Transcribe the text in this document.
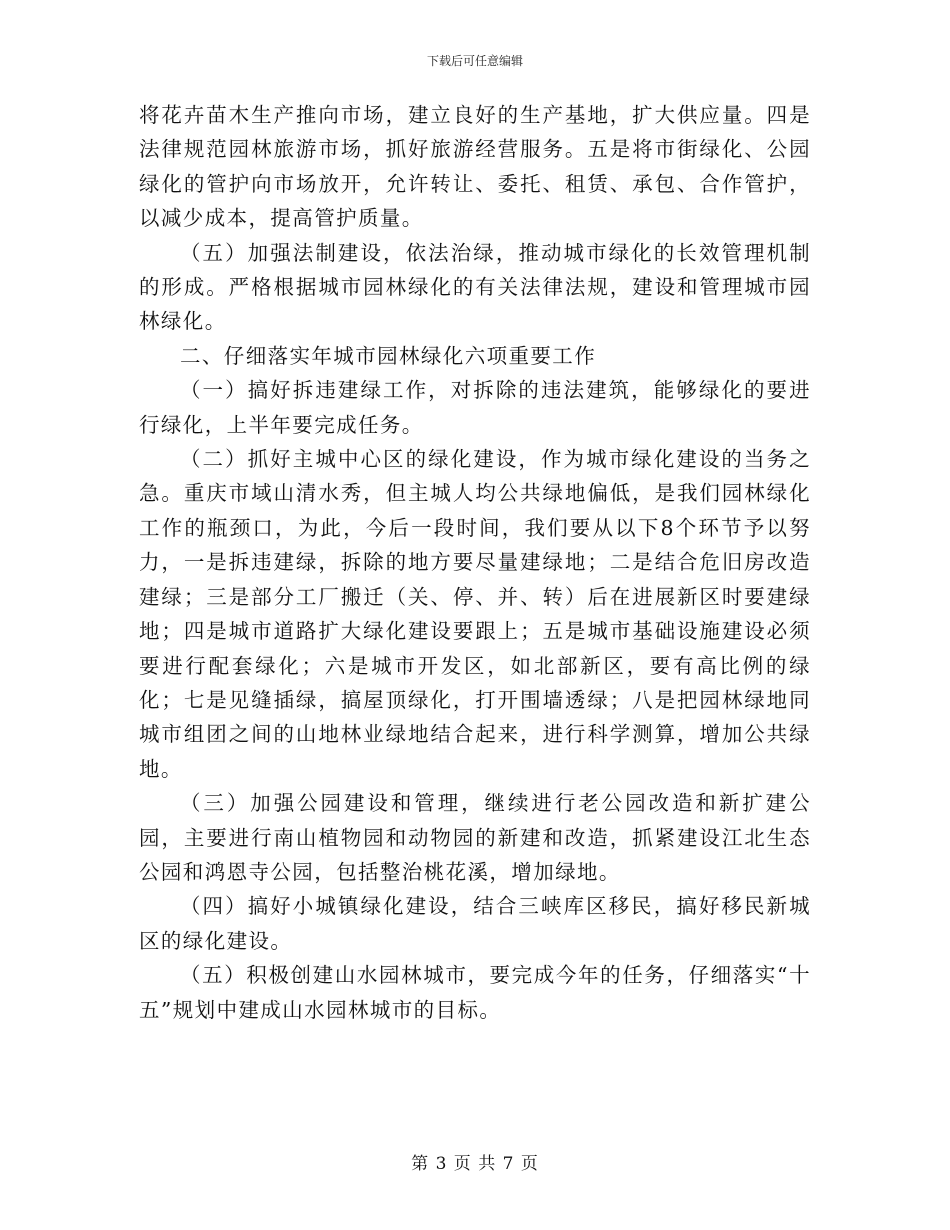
下载后可任意编辑

将花卉苗木生产推向市场，建立良好的生产基地，扩大供应量。四是法律规范园林旅游市场，抓好旅游经营服务。五是将市街绿化、公园绿化的管护向市场放开，允许转让、委托、租赁、承包、合作管护，以减少成本，提高管护质量。

（五）加强法制建设，依法治绿，推动城市绿化的长效管理机制的形成。严格根据城市园林绿化的有关法律法规，建设和管理城市园林绿化。

二、仔细落实年城市园林绿化六项重要工作

（一）搞好拆违建绿工作，对拆除的违法建筑，能够绿化的要进行绿化，上半年要完成任务。

（二）抓好主城中心区的绿化建设，作为城市绿化建设的当务之急。重庆市域山清水秀，但主城人均公共绿地偏低，是我们园林绿化工作的瓶颈口，为此，今后一段时间，我们要从以下8个环节予以努力，一是拆违建绿，拆除的地方要尽量建绿地；二是结合危旧房改造建绿；三是部分工厂搬迁（关、停、并、转）后在进展新区时要建绿地；四是城市道路扩大绿化建设要跟上；五是城市基础设施建设必须要进行配套绿化；六是城市开发区，如北部新区，要有高比例的绿化；七是见缝插绿，搞屋顶绿化，打开围墙透绿；八是把园林绿地同城市组团之间的山地林业绿地结合起来，进行科学测算，增加公共绿地。

（三）加强公园建设和管理，继续进行老公园改造和新扩建公园，主要进行南山植物园和动物园的新建和改造，抓紧建设江北生态公园和鸿恩寺公园，包括整治桃花溪，增加绿地。

（四）搞好小城镇绿化建设，结合三峡库区移民，搞好移民新城区的绿化建设。

（五）积极创建山水园林城市，要完成今年的任务，仔细落实“十五”规划中建成山水园林城市的目标。

第 3 页 共 7 页
